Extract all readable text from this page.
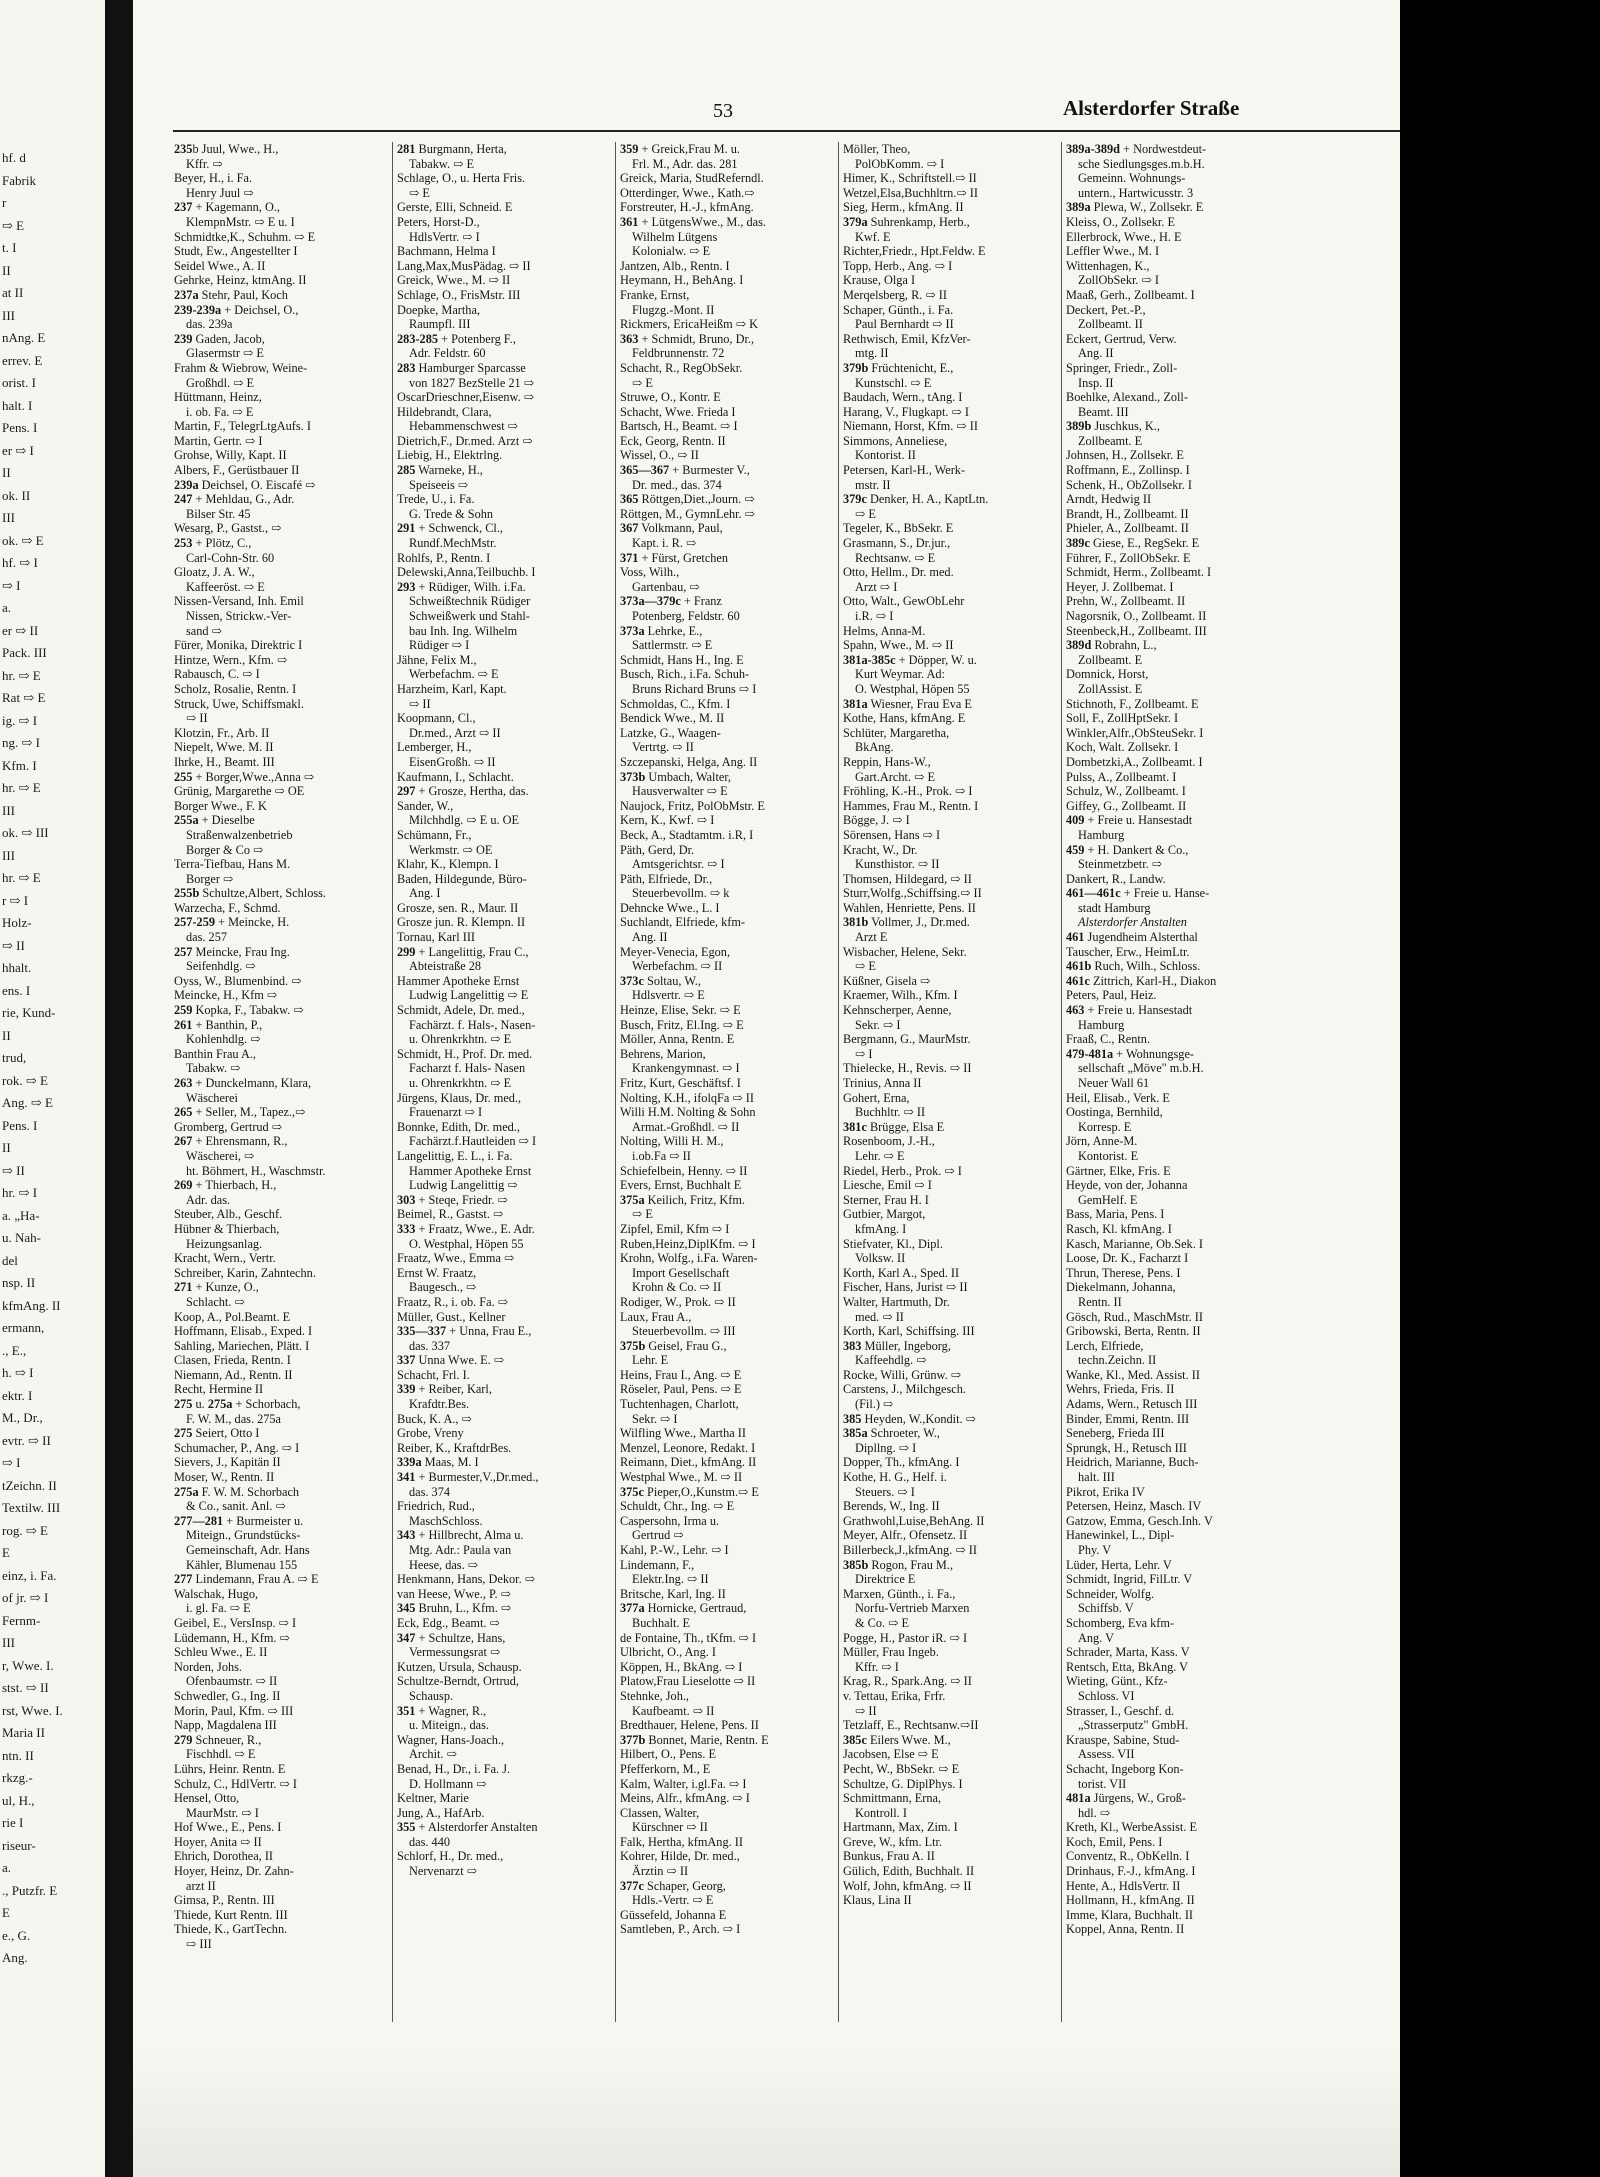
hf. d
Fabrik
r
⇨ E
t. I
II
at II
III
nAng. E
errev. E
orist. I
halt. I
Pens. I
er ⇨ I
II
ok. II
III
ok. ⇨ E
hf. ⇨ I
⇨ I
a.
er ⇨ II
Pack. III
hr. ⇨ E
Rat ⇨ E
ig. ⇨ I
ng. ⇨ I
Kfm. I
hr. ⇨ E
III
ok. ⇨ III
III
hr. ⇨ E
r ⇨ I
Holz-
⇨ II
hhalt.
ens. I
rie, Kund-
II
trud,
rok. ⇨ E
Ang. ⇨ E
Pens. I
II
⇨ II
hr. ⇨ I
a. „Ha-
u. Nah-
del
nsp. II
kfmAng. II
ermann,
., E.,
h. ⇨ I
ektr. I
M., Dr.,
evtr. ⇨ II
⇨ I
tZeichn. II
Textilw. III
rog. ⇨ E
E
einz, i. Fa.
of jr. ⇨ I
Fernm-
III
r, Wwe. I.
stst. ⇨ II
rst, Wwe. I.
Maria II
ntn. II
rkzg.-
ul, H.,
rie I
riseur-
a.
., Putzfr. E
E
e., G.
Ang.
53	Alsterdorfer Straße
235b Juul, Wwe., H.,
Kffr. ⇨
Beyer, H., i. Fa.
Henry Juul ⇨
237 + Kagemann, O.,
KlempnMstr. ⇨ E u. I
Schmidtke,K., Schuhm. ⇨ E
Studt, Ew., Angestellter I
Seidel Wwe., A. II
Gehrke, Heinz, ktmAng. II
237a Stehr, Paul, Koch
239-239a + Deichsel, O.,
das. 239a
239 Gaden, Jacob,
Glasermstr ⇨ E
Frahm & Wiebrow, Weine-
Großhdl. ⇨ E
Hüttmann, Heinz,
i. ob. Fa. ⇨ E
Martin, F., TelegrLtgAufs. I
Martin, Gertr. ⇨ I
Grohse, Willy, Kapt. II
Albers, F., Gerüstbauer II
239a Deichsel, O. Eiscafé ⇨
247 + Mehldau, G., Adr.
Bilser Str. 45
Wesarg, P., Gastst., ⇨
253 + Plötz, C.,
Carl-Cohn-Str. 60
Gloatz, J. A. W.,
Kaffeeröst. ⇨ E
Nissen-Versand, Inh. Emil
Nissen, Strickw.-Ver-
sand ⇨
Fürer, Monika, Direktric I
Hintze, Wern., Kfm. ⇨
Rabausch, C. ⇨ I
Scholz, Rosalie, Rentn. I
Struck, Uwe, Schiffsmakl.
⇨ II
Klotzin, Fr., Arb. II
Niepelt, Wwe. M. II
Ihrke, H., Beamt. III
255 + Borger,Wwe.,Anna ⇨
Grünig, Margarethe ⇨ OE
Borger Wwe., F. K
255a + Dieselbe
Straßenwalzenbetrieb
Borger & Co ⇨
Terra-Tiefbau, Hans M.
Borger ⇨
255b Schultze,Albert, Schloss.
Warzecha, F., Schmd.
257-259 + Meincke, H.
das. 257
257 Meincke, Frau Ing.
Seifenhdlg. ⇨
Oyss, W., Blumenbind. ⇨
Meincke, H., Kfm ⇨
259 Kopka, F., Tabakw. ⇨
261 + Banthin, P.,
Kohlenhdlg. ⇨
Banthin Frau A.,
Tabakw. ⇨
263 + Dunckelmann, Klara,
Wäscherei
265 + Seller, M., Tapez.,⇨
Gromberg, Gertrud ⇨
267 + Ehrensmann, R.,
Wäscherei, ⇨
ht. Böhmert, H., Waschmstr.
269 + Thierbach, H.,
Adr. das.
Steuber, Alb., Geschf.
Hübner & Thierbach,
Heizungsanlag.
Kracht, Wern., Vertr.
Schreiber, Karin, Zahntechn.
271 + Kunze, O.,
Schlacht. ⇨
Koop, A., Pol.Beamt. E
Hoffmann, Elisab., Exped. I
Sahling, Mariechen, Plätt. I
Clasen, Frieda, Rentn. I
Niemann, Ad., Rentn. II
Recht, Hermine II
275 u. 275a + Schorbach,
F. W. M., das. 275a
275 Seiert, Otto I
Schumacher, P., Ang. ⇨ I
Sievers, J., Kapitän II
Moser, W., Rentn. II
275a F. W. M. Schorbach
& Co., sanit. Anl. ⇨
277—281 + Burmeister u.
Miteign., Grundstücks-
Gemeinschaft, Adr. Hans
Kähler, Blumenau 155
277 Lindemann, Frau A. ⇨ E
Walschak, Hugo,
i. gl. Fa. ⇨ E
Geibel, E., VersInsp. ⇨ I
Lüdemann, H., Kfm. ⇨
Schleu Wwe., E. II
Norden, Johs.
Ofenbaumstr. ⇨ II
Schwedler, G., Ing. II
Morin, Paul, Kfm. ⇨ III
Napp, Magdalena III
279 Schneuer, R.,
Fischhdl. ⇨ E
Lührs, Heinr. Rentn. E
Schulz, C., HdlVertr. ⇨ I
Hensel, Otto,
MaurMstr. ⇨ I
Hof Wwe., E., Pens. I
Hoyer, Anita ⇨ II
Ehrich, Dorothea, II
Hoyer, Heinz, Dr. Zahn-
arzt II
Gimsa, P., Rentn. III
Thiede, Kurt Rentn. III
Thiede, K., GartTechn.
⇨ III
281 Burgmann, Herta,
Tabakw. ⇨ E
Schlage, O., u. Herta Fris.
⇨ E
Gerste, Elli, Schneid. E
Peters, Horst-D.,
HdlsVertr. ⇨ I
Bachmann, Helma I
Lang,Max,MusPädag. ⇨ II
Greick, Wwe., M. ⇨ II
Schlage, O., FrisMstr. III
Doepke, Martha,
Raumpfl. III
283-285 + Potenberg F.,
Adr. Feldstr. 60
283 Hamburger Sparcasse
von 1827 BezStelle 21 ⇨
OscarDrieschner,Eisenw. ⇨
Hildebrandt, Clara,
Hebammenschwest ⇨
Dietrich,F., Dr.med. Arzt ⇨
Liebig, H., Elektrlng.
285 Warneke, H.,
Speiseeis ⇨
Trede, U., i. Fa.
G. Trede & Sohn
291 + Schwenck, Cl.,
Rundf.MechMstr.
Rohlfs, P., Rentn. I
Delewski,Anna,Teilbuchb. I
293 + Rüdiger, Wilh. i.Fa.
Schweißtechnik Rüdiger
Schweißwerk und Stahl-
bau Inh. Ing. Wilhelm
Rüdiger ⇨ I
Jähne, Felix M.,
Werbefachm. ⇨ E
Harzheim, Karl, Kapt.
⇨ II
Koopmann, Cl.,
Dr.med., Arzt ⇨ II
Lemberger, H.,
EisenGroßh. ⇨ II
Kaufmann, I., Schlacht.
297 + Grosze, Hertha, das.
Sander, W.,
Milchhdlg. ⇨ E u. OE
Schümann, Fr.,
Werkmstr. ⇨ OE
Klahr, K., Klempn. I
Baden, Hildegunde, Büro-
Ang. I
Grosze, sen. R., Maur. II
Grosze jun. R. Klempn. II
Tornau, Karl III
299 + Langelittig, Frau C.,
Abteistraße 28
Hammer Apotheke Ernst
Ludwig Langelittig ⇨ E
Schmidt, Adele, Dr. med.,
Fachärzt. f. Hals-, Nasen-
u. Ohrenkrkhtn. ⇨ E
Schmidt, H., Prof. Dr. med.
Facharzt f. Hals- Nasen
u. Ohrenkrkhtn. ⇨ E
Jürgens, Klaus, Dr. med.,
Frauenarzt ⇨ I
Bonnke, Edith, Dr. med.,
Fachärzt.f.Hautleiden ⇨ I
Langelittig, E. L., i. Fa.
Hammer Apotheke Ernst
Ludwig Langelittig ⇨
303 + Steqe, Friedr. ⇨
Beimel, R., Gastst. ⇨
333 + Fraatz, Wwe., E. Adr.
O. Westphal, Höpen 55
Fraatz, Wwe., Emma ⇨
Ernst W. Fraatz,
Baugesch., ⇨
Fraatz, R., i. ob. Fa. ⇨
Müller, Gust., Kellner
335—337 + Unna, Frau E.,
das. 337
337 Unna Wwe. E. ⇨
Schacht, Frl. I.
339 + Reiber, Karl,
Krafdtr.Bes.
Buck, K. A., ⇨
Grobe, Vreny
Reiber, K., KraftdrBes.
339a Maas, M. I
341 + Burmester,V.,Dr.med.,
das. 374
Friedrich, Rud.,
MaschSchloss.
343 + Hillbrecht, Alma u.
Mtg. Adr.: Paula van
Heese, das. ⇨
Henkmann, Hans, Dekor. ⇨
van Heese, Wwe., P. ⇨
345 Bruhn, L., Kfm. ⇨
Eck, Edg., Beamt. ⇨
347 + Schultze, Hans,
Vermessungsrat ⇨
Kutzen, Ursula, Schausp.
Schultze-Berndt, Ortrud,
Schausp.
351 + Wagner, R.,
u. Miteign., das.
Wagner, Hans-Joach.,
Archit. ⇨
Benad, H., Dr., i. Fa. J.
D. Hollmann ⇨
Keltner, Marie
Jung, A., HafArb.
355 + Alsterdorfer Anstalten
das. 440
Schlorf, H., Dr. med.,
Nervenarzt ⇨
359 + Greick,Frau M. u.
Frl. M., Adr. das. 281
Greick, Maria, StudReferndl.
Otterdinger, Wwe., Kath.⇨
Forstreuter, H.-J., kfmAng.
361 + LütgensWwe., M., das.
Wilhelm Lütgens
Kolonialw. ⇨ E
Jantzen, Alb., Rentn. I
Heymann, H., BehAng. I
Franke, Ernst,
Flugzg.-Mont. II
Rickmers, EricaHeißm ⇨ K
363 + Schmidt, Bruno, Dr.,
Feldbrunnenstr. 72
Schacht, R., RegObSekr.
⇨ E
Struwe, O., Kontr. E
Schacht, Wwe. Frieda I
Bartsch, H., Beamt. ⇨ I
Eck, Georg, Rentn. II
Wissel, O., ⇨ II
365—367 + Burmester V.,
Dr. med., das. 374
365 Röttgen,Diet.,Journ. ⇨
Röttgen, M., GymnLehr. ⇨
367 Volkmann, Paul,
Kapt. i. R. ⇨
371 + Fürst, Gretchen
Voss, Wilh.,
Gartenbau, ⇨
373a—379c + Franz
Potenberg, Feldstr. 60
373a Lehrke, E.,
Sattlermstr. ⇨ E
Schmidt, Hans H., Ing. E
Busch, Rich., i.Fa. Schuh-
Bruns Richard Bruns ⇨ I
Schmoldas, C., Kfm. I
Bendick Wwe., M. II
Latzke, G., Waagen-
Vertrtg. ⇨ II
Szczepanski, Helga, Ang. II
373b Umbach, Walter,
Hausverwalter ⇨ E
Naujock, Fritz, PolObMstr. E
Kern, K., Kwf. ⇨ I
Beck, A., Stadtamtm. i.R, I
Päth, Gerd, Dr.
Amtsgerichtsr. ⇨ I
Päth, Elfriede, Dr.,
Steuerbevollm. ⇨ k
Dehncke Wwe., L. I
Suchlandt, Elfriede, kfm-
Ang. II
Meyer-Venecia, Egon,
Werbefachm. ⇨ II
373c Soltau, W.,
Hdlsvertr. ⇨ E
Heinze, Elise, Sekr. ⇨ E
Busch, Fritz, El.Ing. ⇨ E
Möller, Anna, Rentn. E
Behrens, Marion,
Krankengymnast. ⇨ I
Fritz, Kurt, Geschäftsf. I
Nolting, K.H., ifolqFa ⇨ II
Willi H.M. Nolting & Sohn
Armat.-Großhdl. ⇨ II
Nolting, Willi H. M.,
i.ob.Fa ⇨ II
Schiefelbein, Henny. ⇨ II
Evers, Ernst, Buchhalt E
375a Keilich, Fritz, Kfm.
⇨ E
Zipfel, Emil, Kfm ⇨ I
Ruben,Heinz,DiplKfm. ⇨ I
Krohn, Wolfg., i.Fa. Waren-
Import Gesellschaft
Krohn & Co. ⇨ II
Rodiger, W., Prok. ⇨ II
Laux, Frau A.,
Steuerbevollm. ⇨ III
375b Geisel, Frau G.,
Lehr. E
Heins, Frau I., Ang. ⇨ E
Röseler, Paul, Pens. ⇨ E
Tuchtenhagen, Charlott,
Sekr. ⇨ I
Wilfling Wwe., Martha II
Menzel, Leonore, Redakt. I
Reimann, Diet., kfmAng. II
Westphal Wwe., M. ⇨ II
375c Pieper,O.,Kunstm.⇨ E
Schuldt, Chr., Ing. ⇨ E
Caspersohn, Irma u.
Gertrud ⇨
Kahl, P.-W., Lehr. ⇨ I
Lindemann, F.,
Elektr.Ing. ⇨ II
Britsche, Karl, Ing. II
377a Hornicke, Gertraud,
Buchhalt. E
de Fontaine, Th., tKfm. ⇨ I
Ulbricht, O., Ang. I
Köppen, H., BkAng. ⇨ I
Platow,Frau Lieselotte ⇨ II
Stehnke, Joh.,
Kaufbeamt. ⇨ II
Bredthauer, Helene, Pens. II
377b Bonnet, Marie, Rentn. E
Hilbert, O., Pens. E
Pfefferkorn, M., E
Kalm, Walter, i.gl.Fa. ⇨ I
Meins, Alfr., kfmAng. ⇨ I
Classen, Walter,
Kürschner ⇨ II
Falk, Hertha, kfmAng. II
Kohrer, Hilde, Dr. med.,
Ärztin ⇨ II
377c Schaper, Georg,
Hdls.-Vertr. ⇨ E
Güssefeld, Johanna E
Samtleben, P., Arch. ⇨ I
Möller, Theo,
PolObKomm. ⇨ I
Himer, K., Schriftstell.⇨ II
Wetzel,Elsa,Buchhltrn.⇨ II
Sieg, Herm., kfmAng. II
379a Suhrenkamp, Herb.,
Kwf. E
Richter,Friedr., Hpt.Feldw. E
Topp, Herb., Ang. ⇨ I
Krause, Olga I
Merqelsberg, R. ⇨ II
Schaper, Günth., i. Fa.
Paul Bernhardt ⇨ II
Rethwisch, Emil, KfzVer-
mtg. II
379b Früchtenicht, E.,
Kunstschl. ⇨ E
Baudach, Wern., tAng. I
Harang, V., Flugkapt. ⇨ I
Niemann, Horst, Kfm. ⇨ II
Simmons, Anneliese,
Kontorist. II
Petersen, Karl-H., Werk-
mstr. II
379c Denker, H. A., KaptLtn.
⇨ E
Tegeler, K., BbSekr. E
Grasmann, S., Dr.jur.,
Rechtsanw. ⇨ E
Otto, Hellm., Dr. med.
Arzt ⇨ I
Otto, Walt., GewObLehr
i.R. ⇨ I
Helms, Anna-M.
Spahn, Wwe., M. ⇨ II
381a-385c + Döpper, W. u.
Kurt Weymar. Ad:
O. Westphal, Höpen 55
381a Wiesner, Frau Eva E
Kothe, Hans, kfmAng. E
Schlüter, Margaretha,
BkAng.
Reppin, Hans-W.,
Gart.Archt. ⇨ E
Fröhling, K.-H., Prok. ⇨ I
Hammes, Frau M., Rentn. I
Bögge, J. ⇨ I
Sörensen, Hans ⇨ I
Kracht, W., Dr.
Kunsthistor. ⇨ II
Thomsen, Hildegard, ⇨ II
Sturr,Wolfg.,Schiffsing.⇨ II
Wahlen, Henriette, Pens. II
381b Vollmer, J., Dr.med.
Arzt E
Wisbacher, Helene, Sekr.
⇨ E
Küßner, Gisela ⇨
Kraemer, Wilh., Kfm. I
Kehnscherper, Aenne,
Sekr. ⇨ I
Bergmann, G., MaurMstr.
⇨ I
Thielecke, H., Revis. ⇨ II
Trinius, Anna II
Gohert, Erna,
Buchhltr. ⇨ II
381c Brügge, Elsa E
Rosenboom, J.-H.,
Lehr. ⇨ E
Riedel, Herb., Prok. ⇨ I
Liesche, Emil ⇨ I
Sterner, Frau H. I
Gutbier, Margot,
kfmAng. I
Stiefvater, Kl., Dipl.
Volksw. II
Korth, Karl A., Sped. II
Fischer, Hans, Jurist ⇨ II
Walter, Hartmuth, Dr.
med. ⇨ II
Korth, Karl, Schiffsing. III
383 Müller, Ingeborg,
Kaffeehdlg. ⇨
Rocke, Willi, Grünw. ⇨
Carstens, J., Milchgesch.
(Fil.) ⇨
385 Heyden, W.,Kondit. ⇨
385a Schroeter, W.,
Dipllng. ⇨ I
Dopper, Th., kfmAng. I
Kothe, H. G., Helf. i.
Steuers. ⇨ I
Berends, W., Ing. II
Grathwohl,Luise,BehAng. II
Meyer, Alfr., Ofensetz. II
Billerbeck,J.,kfmAng. ⇨ II
385b Rogon, Frau M.,
Direktrice E
Marxen, Günth., i. Fa.,
Norfu-Vertrieb Marxen
& Co. ⇨ E
Pogge, H., Pastor iR. ⇨ I
Müller, Frau Ingeb.
Kffr. ⇨ I
Krag, R., Spark.Ang. ⇨ II
v. Tettau, Erika, Frfr.
⇨ II
Tetzlaff, E., Rechtsanw.⇨II
385c Eilers Wwe. M.,
Jacobsen, Else ⇨ E
Pecht, W., BbSekr. ⇨ E
Schultze, G. DiplPhys. I
Schmittmann, Erna,
Kontroll. I
Hartmann, Max, Zim. I
Greve, W., kfm. Ltr.
Bunkus, Frau A. II
Gülich, Edith, Buchhalt. II
Wolf, John, kfmAng. ⇨ II
Klaus, Lina II
389a-389d + Nordwestdeut-
sche Siedlungsges.m.b.H.
Gemeinn. Wohnungs-
untern., Hartwicusstr. 3
389a Plewa, W., Zollsekr. E
Kleiss, O., Zollsekr. E
Ellerbrock, Wwe., H. E
Leffler Wwe., M. I
Wittenhagen, K.,
ZollObSekr. ⇨ I
Maaß, Gerh., Zollbeamt. I
Deckert, Pet.-P.,
Zollbeamt. II
Eckert, Gertrud, Verw.
Ang. II
Springer, Friedr., Zoll-
Insp. II
Boehlke, Alexand., Zoll-
Beamt. III
389b Juschkus, K.,
Zollbeamt. E
Johnsen, H., Zollsekr. E
Roffmann, E., Zollinsp. I
Schenk, H., ObZollsekr. I
Arndt, Hedwig II
Brandt, H., Zollbeamt. II
Phieler, A., Zollbeamt. II
389c Giese, E., RegSekr. E
Führer, F., ZollObSekr. E
Schmidt, Herm., Zollbeamt. I
Heyer, J. Zollbemat. I
Prehn, W., Zollbeamt. II
Nagorsnik, O., Zollbeamt. II
Steenbeck,H., Zollbeamt. III
389d Robrahn, L.,
Zollbeamt. E
Domnick, Horst,
ZollAssist. E
Stichnoth, F., Zollbeamt. E
Soll, F., ZollHptSekr. I
Winkler,Alfr.,ObSteuSekr. I
Koch, Walt. Zollsekr. I
Dombetzki,A., Zollbeamt. I
Pulss, A., Zollbeamt. I
Schulz, W., Zollbeamt. I
Giffey, G., Zollbeamt. II
409 + Freie u. Hansestadt
Hamburg
459 + H. Dankert & Co.,
Steinmetzbetr. ⇨
Dankert, R., Landw.
461—461c + Freie u. Hanse-
stadt Hamburg
Alsterdorfer Anstalten
461 Jugendheim Alsterthal
Tauscher, Erw., HeimLtr.
461b Ruch, Wilh., Schloss.
461c Zittrich, Karl-H., Diakon
Peters, Paul, Heiz.
463 + Freie u. Hansestadt
Hamburg
Fraaß, C., Rentn.
479-481a + Wohnungsge-
sellschaft „Möve" m.b.H.
Neuer Wall 61
Heil, Elisab., Verk. E
Oostinga, Bernhild,
Korresp. E
Jörn, Anne-M.
Kontorist. E
Gärtner, Elke, Fris. E
Heyde, von der, Johanna
GemHelf. E
Bass, Maria, Pens. I
Rasch, Kl. kfmAng. I
Kasch, Marianne, Ob.Sek. I
Loose, Dr. K., Facharzt I
Thrun, Therese, Pens. I
Diekelmann, Johanna,
Rentn. II
Gösch, Rud., MaschMstr. II
Gribowski, Berta, Rentn. II
Lerch, Elfriede,
techn.Zeichn. II
Wanke, Kl., Med. Assist. II
Wehrs, Frieda, Fris. II
Adams, Wern., Retusch III
Binder, Emmi, Rentn. III
Seneberg, Frieda III
Sprungk, H., Retusch III
Heidrich, Marianne, Buch-
halt. III
Pikrot, Erika IV
Petersen, Heinz, Masch. IV
Gatzow, Emma, Gesch.Inh. V
Hanewinkel, L., Dipl-
Phy. V
Lüder, Herta, Lehr. V
Schmidt, Ingrid, FilLtr. V
Schneider, Wolfg.
Schiffsb. V
Schomberg, Eva kfm-
Ang. V
Schrader, Marta, Kass. V
Rentsch, Etta, BkAng. V
Wieting, Günt., Kfz-
Schloss. VI
Strasser, I., Geschf. d.
„Strasserputz" GmbH.
Krauspe, Sabine, Stud-
Assess. VII
Schacht, Ingeborg Kon-
torist. VII
481a Jürgens, W., Groß-
hdl. ⇨
Kreth, Kl., WerbeAssist. E
Koch, Emil, Pens. I
Conventz, R., ObKelln. I
Drinhaus, F.-J., kfmAng. I
Hente, A., HdlsVertr. II
Hollmann, H., kfmAng. II
Imme, Klara, Buchhalt. II
Koppel, Anna, Rentn. II
